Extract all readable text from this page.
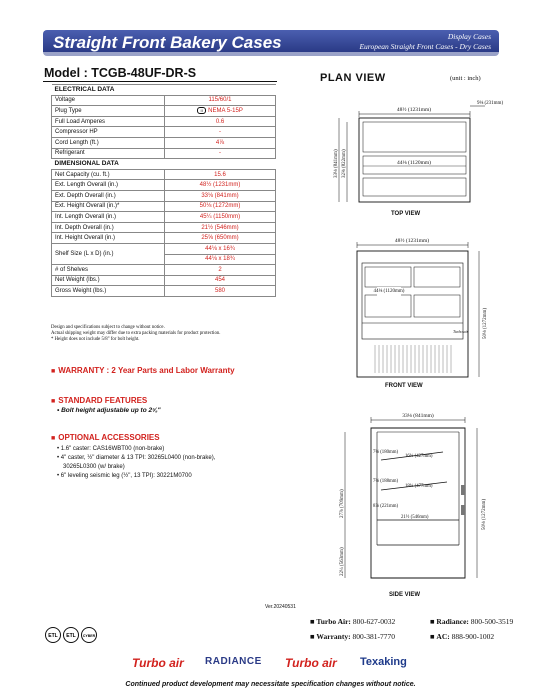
Straight Front Bakery Cases	Display Cases
European Straight Front Cases - Dry Cases
Model : TCGB-48UF-DR-S	PLAN VIEW	(unit : inch)
ELECTRICAL DATA	
Voltage	115/60/1
Plug Type	II NEMA 5-15P
Full Load Amperes	0.6
Compressor HP	-
Cord Length (ft.)	4⅞
Refrigerant	-
DIMENSIONAL DATA	
Net Capacity (cu. ft.)	15.6
Ext. Length Overall (in.)	48½ (1231mm)
Ext. Depth Overall (in.)	33⅛ (841mm)
Ext. Height Overall (in.)*	50⅛ (1272mm)
Int. Length Overall (in.)	45¼ (1150mm)
Int. Depth Overall (in.)	21½ (546mm)
Int. Height Overall (in.)	25⅝ (650mm)
Shelf Size (L x D) (in.)	44⅛ x 16¾
	44⅛ x 18¾
# of Shelves	2
Net Weight (lbs.)	454
Gross Weight (lbs.)	580
Design and specifications subject to change without notice.
Actual shipping weight may differ due to extra packing materials for product protection.
* Height does not include 5/8" for bolt height.
■ WARRANTY : 2 Year Parts and Labor Warranty
■ STANDARD FEATURES
• Bolt height adjustable up to 2⅝"
■ OPTIONAL ACCESSORIES
• 1.6" caster: CAS16WBT00 (non-brake)
• 4" caster, ½" diameter & 13 TPI: 30265L0400 (non-brake),
30265L0300 (w/ brake)
• 6" leveling seismic leg (½", 13 TPI): 30221M0700
48½ (1231mm)
9⅛ (231mm)
44⅛ (1120mm)
33⅛ (841mm) 32⅜ (822mm)
TOP VIEW
48½ (1231mm)
44⅛ (1120mm)
Turbo air	50⅛ (1272mm)
FRONT VIEW
33⅛ (841mm)
7⅛ (180mm)
16¾ (427mm)
7⅜ (188mm)
18¾ (477mm)
8⅞ (221mm)
21½ (546mm)
27⅞ (709mm)
22¼ (563mm)
50⅛ (1272mm)
SIDE VIEW
Ver.20240531
ETL ETL CYBER
■ Turbo Air: 800-627-0032	■ Radiance: 800-500-3519
■ Warranty: 800-381-7770	■ AC: 888-900-1002
Turbo air RADIANCE Turbo air Texaking
Continued product development may necessitate specification changes without notice.
